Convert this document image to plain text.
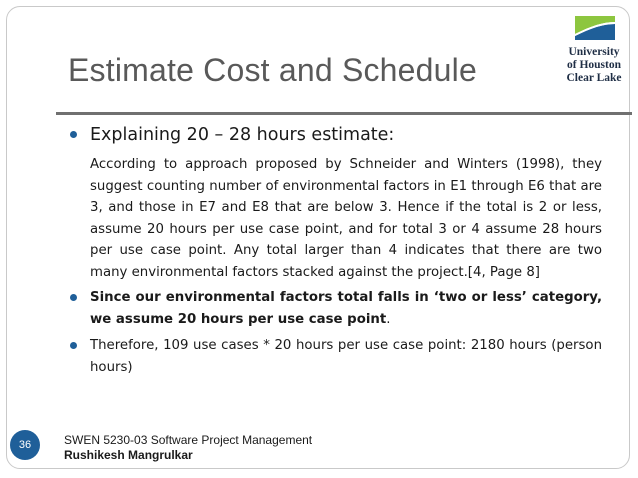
Estimate Cost and Schedule	University
of Houston
Clear Lake
Explaining 20 – 28 hours estimate:
According to approach proposed by Schneider and Winters (1998), they suggest counting number of environmental factors in E1 through E6 that are 3, and those in E7 and E8 that are below 3. Hence if the total is 2 or less, assume 20 hours per use case point, and for total 3 or 4 assume 28 hours per use case point. Any total larger than 4 indicates that there are two many environmental factors stacked against the project.[4, Page 8]
Since our environmental factors total falls in ‘two or less’ category, we assume 20 hours per use case point.
Therefore, 109 use cases * 20 hours per use case point: 2180 hours (person hours)
36	SWEN 5230-03 Software Project Management
Rushikesh Mangrulkar
